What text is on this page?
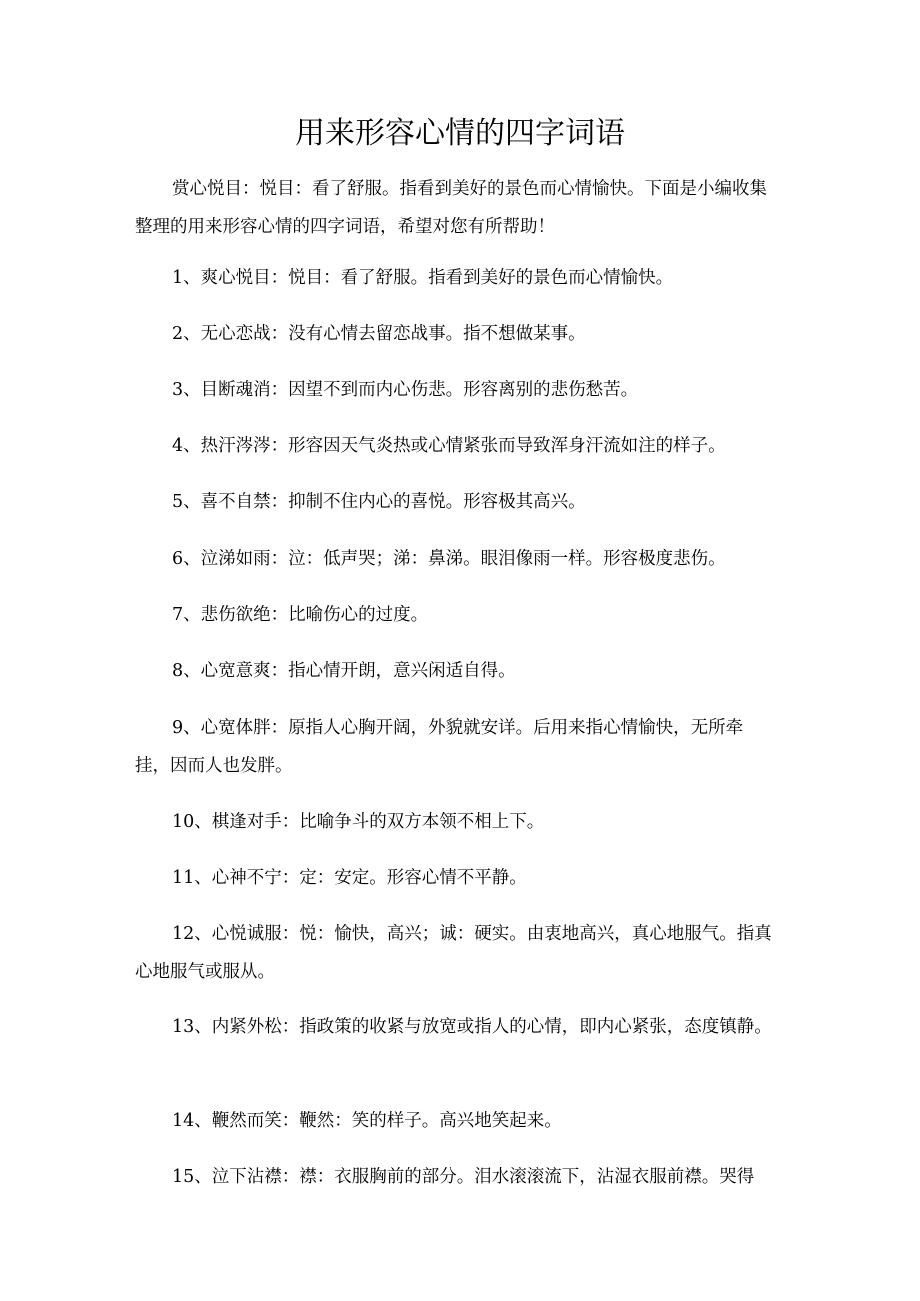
用来形容心情的四字词语

赏心悦目：悦目：看了舒服。指看到美好的景色而心情愉快。下面是小编收集整理的用来形容心情的四字词语，希望对您有所帮助！

1、爽心悦目：悦目：看了舒服。指看到美好的景色而心情愉快。

2、无心恋战：没有心情去留恋战事。指不想做某事。

3、目断魂消：因望不到而内心伤悲。形容离别的悲伤愁苦。

4、热汗涔涔：形容因天气炎热或心情紧张而导致浑身汗流如注的样子。

5、喜不自禁：抑制不住内心的喜悦。形容极其高兴。

6、泣涕如雨：泣：低声哭；涕：鼻涕。眼泪像雨一样。形容极度悲伤。

7、悲伤欲绝：比喻伤心的过度。

8、心宽意爽：指心情开朗，意兴闲适自得。

9、心宽体胖：原指人心胸开阔，外貌就安详。后用来指心情愉快，无所牵挂，因而人也发胖。

10、棋逢对手：比喻争斗的双方本领不相上下。

11、心神不宁：定：安定。形容心情不平静。

12、心悦诚服：悦：愉快，高兴；诚：硬实。由衷地高兴，真心地服气。指真心地服气或服从。

13、内紧外松：指政策的收紧与放宽或指人的心情，即内心紧张，态度镇静。

14、鞭然而笑：鞭然：笑的样子。高兴地笑起来。

15、泣下沾襟：襟：衣服胸前的部分。泪水滚滚流下，沾湿衣服前襟。哭得
